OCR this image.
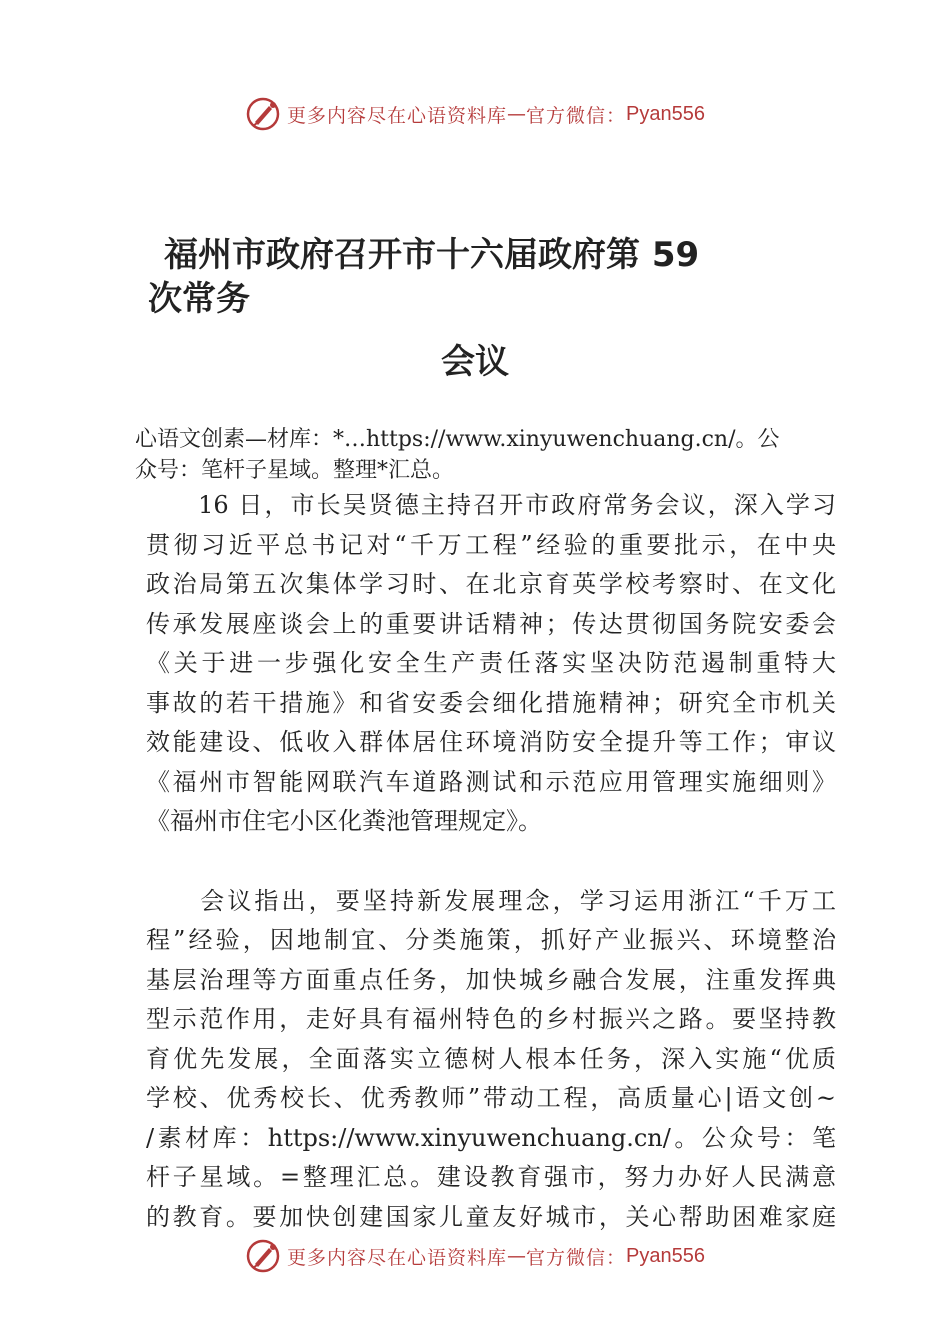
更多内容尽在心语资料库 — 官方微信： Pyan556
福州市政府召开市十六届政府第 59
次常务
会议
心语文创素—材库：*…https://www.xinyuwenchuang.cn/。公
众号：笔杆子星域。整理*汇总。
　　16 日，市长吴贤德主持召开市政府常务会议，深入学习
贯彻习近平总书记对“千万工程”经验的重要批示，在中央
政治局第五次集体学习时、在北京育英学校考察时、在文化
传承发展座谈会上的重要讲话精神；传达贯彻国务院安委会
《关于进一步强化安全生产责任落实坚决防范遏制重特大
事故的若干措施》和省安委会细化措施精神；研究全市机关
效能建设、低收入群体居住环境消防安全提升等工作；审议
《福州市智能网联汽车道路测试和示范应用管理实施细则》
《福州市住宅小区化粪池管理规定》。
　　会议指出，要坚持新发展理念，学习运用浙江“千万工
程”经验，因地制宜、分类施策，抓好产业振兴、环境整治
基层治理等方面重点任务，加快城乡融合发展，注重发挥典
型示范作用，走好具有福州特色的乡村振兴之路。要坚持教
育优先发展，全面落实立德树人根本任务，深入实施“优质
学校、优秀校长、优秀教师”带动工程，高质量心|语文创~
/素材库：https://www.xinyuwenchuang.cn/。公众号：笔
杆子星域。=整理汇总。建设教育强市，努力办好人民满意
的教育。要加快创建国家儿童友好城市，关心帮助困难家庭
更多内容尽在心语资料库 — 官方微信： Pyan556
